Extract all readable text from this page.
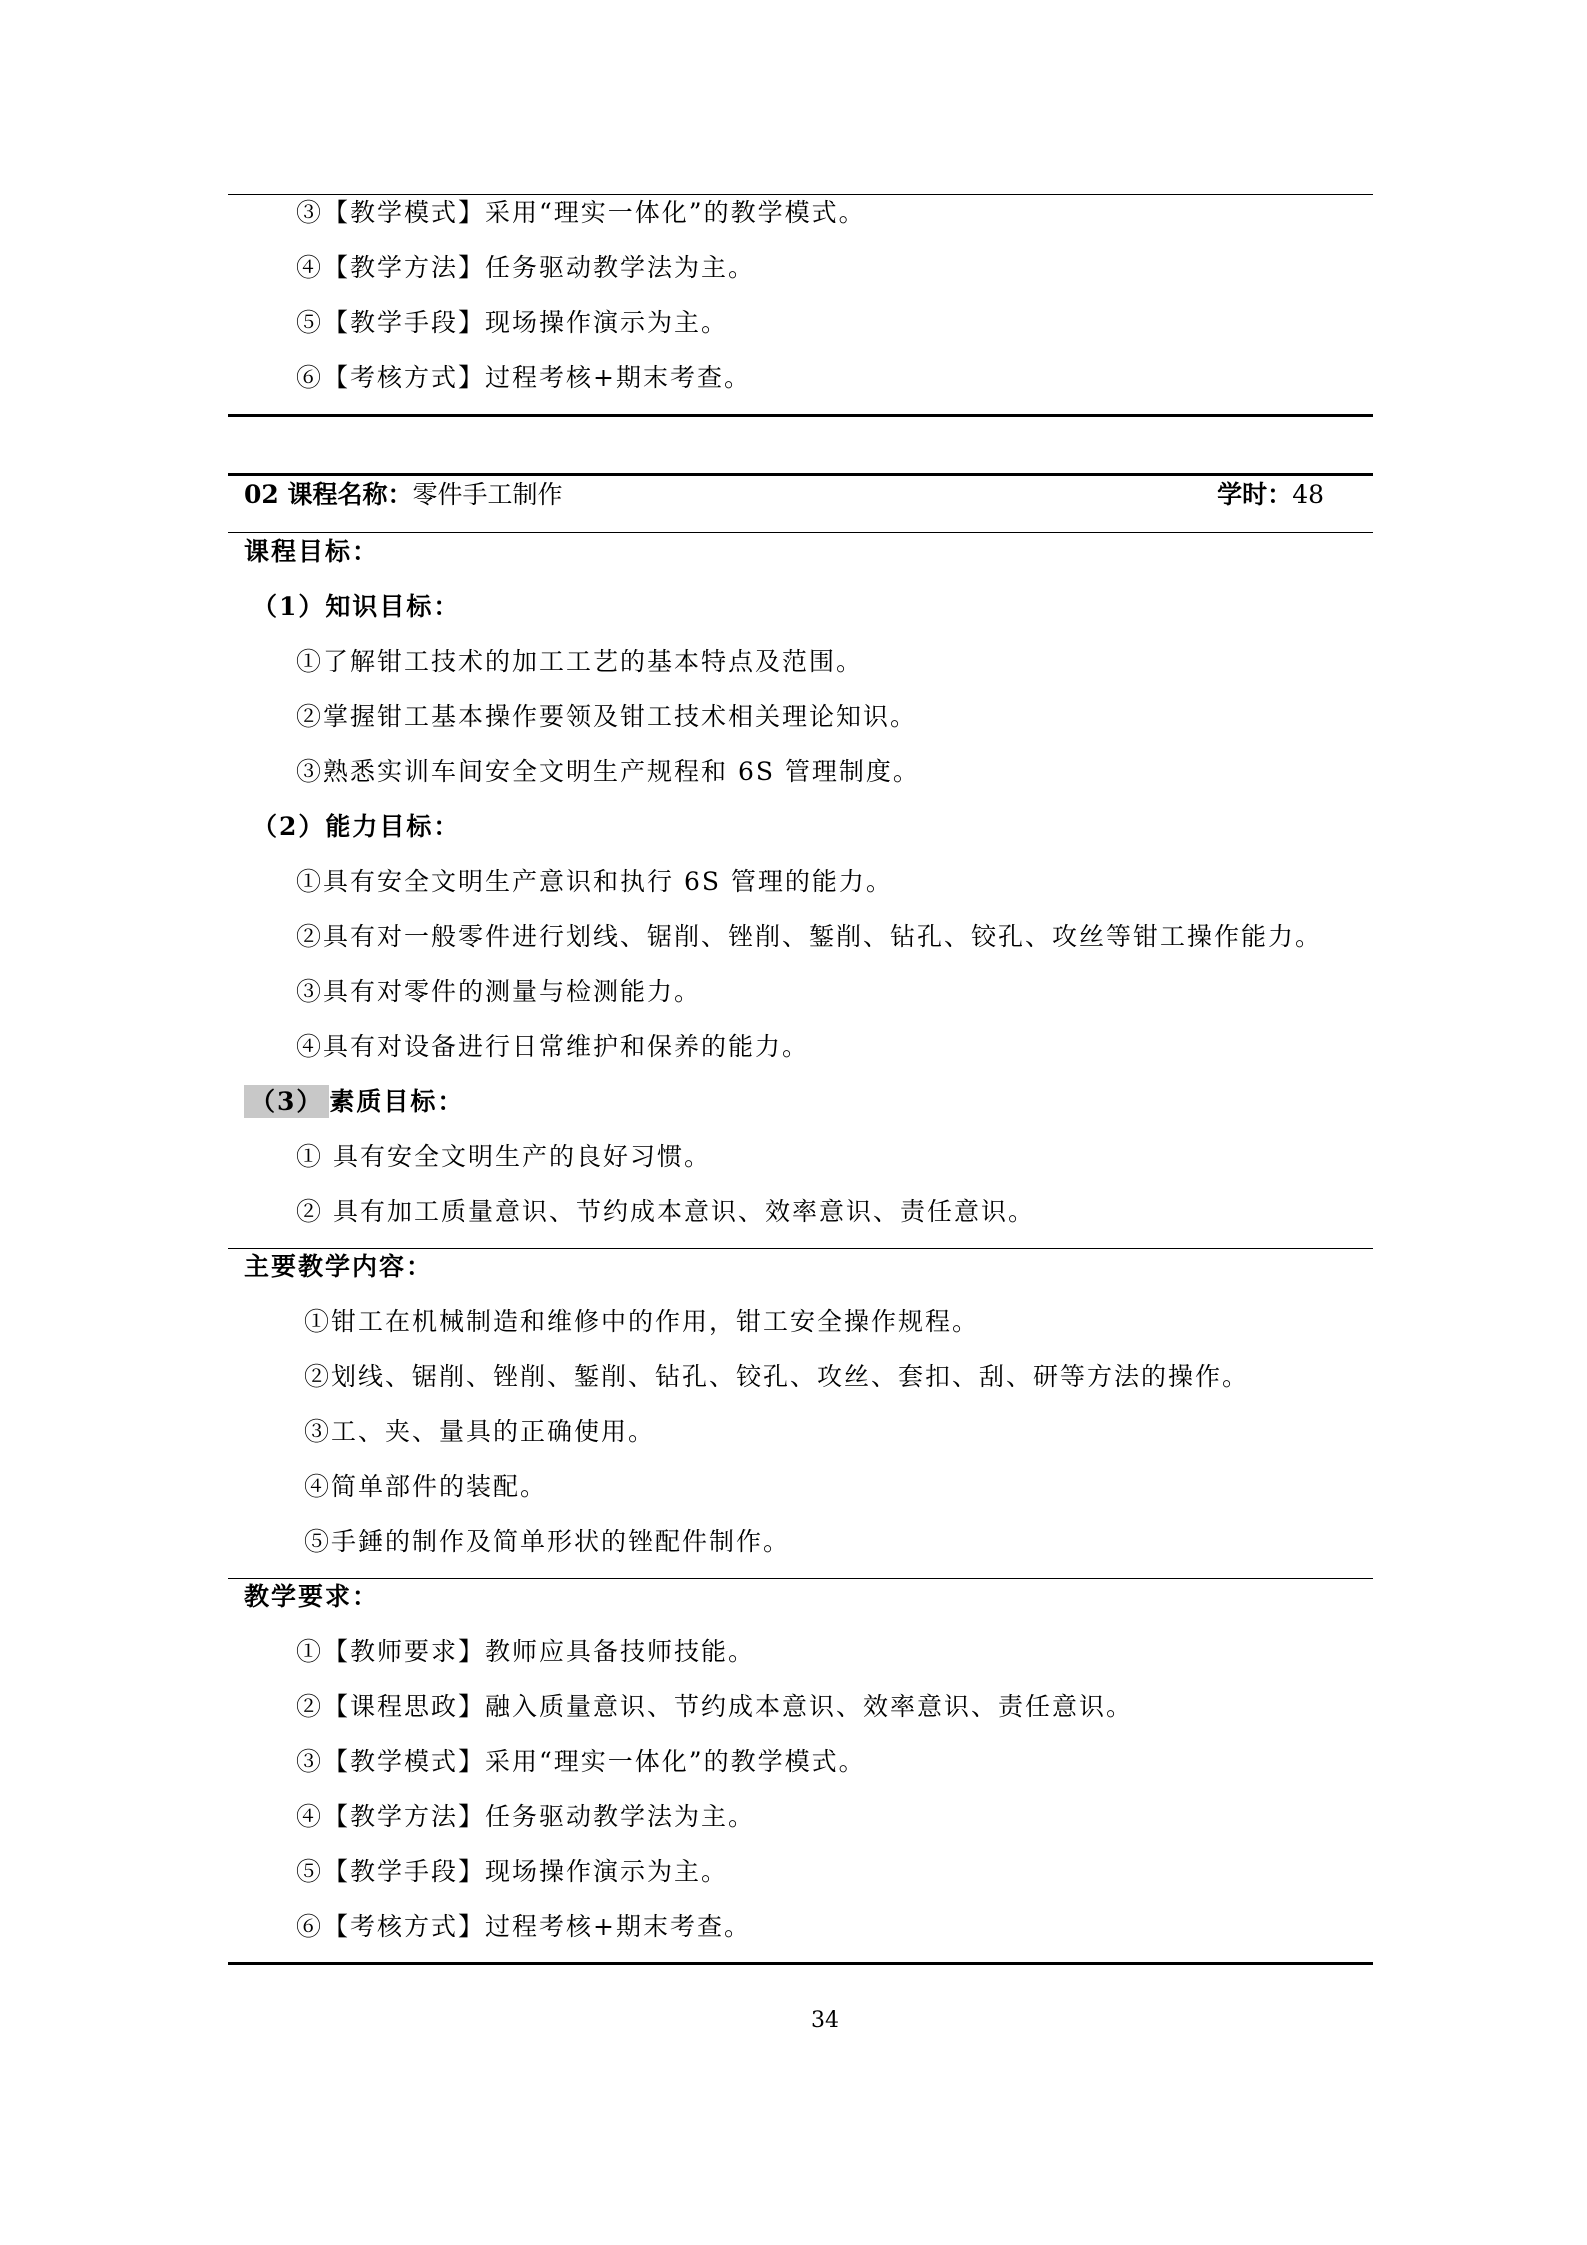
③【教学模式】采用“理实一体化”的教学模式。
④【教学方法】任务驱动教学法为主。
⑤【教学手段】现场操作演示为主。
⑥【考核方式】过程考核+期末考查。
02 课程名称：零件手工制作	学时：48
课程目标：
（1）知识目标：
①了解钳工技术的加工工艺的基本特点及范围。
②掌握钳工基本操作要领及钳工技术相关理论知识。
③熟悉实训车间安全文明生产规程和 6S 管理制度。
（2）能力目标：
①具有安全文明生产意识和执行 6S 管理的能力。
②具有对一般零件进行划线、锯削、锉削、錾削、钻孔、铰孔、攻丝等钳工操作能力。
③具有对零件的测量与检测能力。
④具有对设备进行日常维护和保养的能力。
（3） 素质目标：
① 具有安全文明生产的良好习惯。
② 具有加工质量意识、节约成本意识、效率意识、责任意识。
主要教学内容：
①钳工在机械制造和维修中的作用，钳工安全操作规程。
②划线、锯削、锉削、錾削、钻孔、铰孔、攻丝、套扣、刮、研等方法的操作。
③工、夹、量具的正确使用。
④简单部件的装配。
⑤手錘的制作及简单形状的锉配件制作。
教学要求：
①【教师要求】教师应具备技师技能。
②【课程思政】融入质量意识、节约成本意识、效率意识、责任意识。
③【教学模式】采用“理实一体化”的教学模式。
④【教学方法】任务驱动教学法为主。
⑤【教学手段】现场操作演示为主。
⑥【考核方式】过程考核+期末考查。
34
